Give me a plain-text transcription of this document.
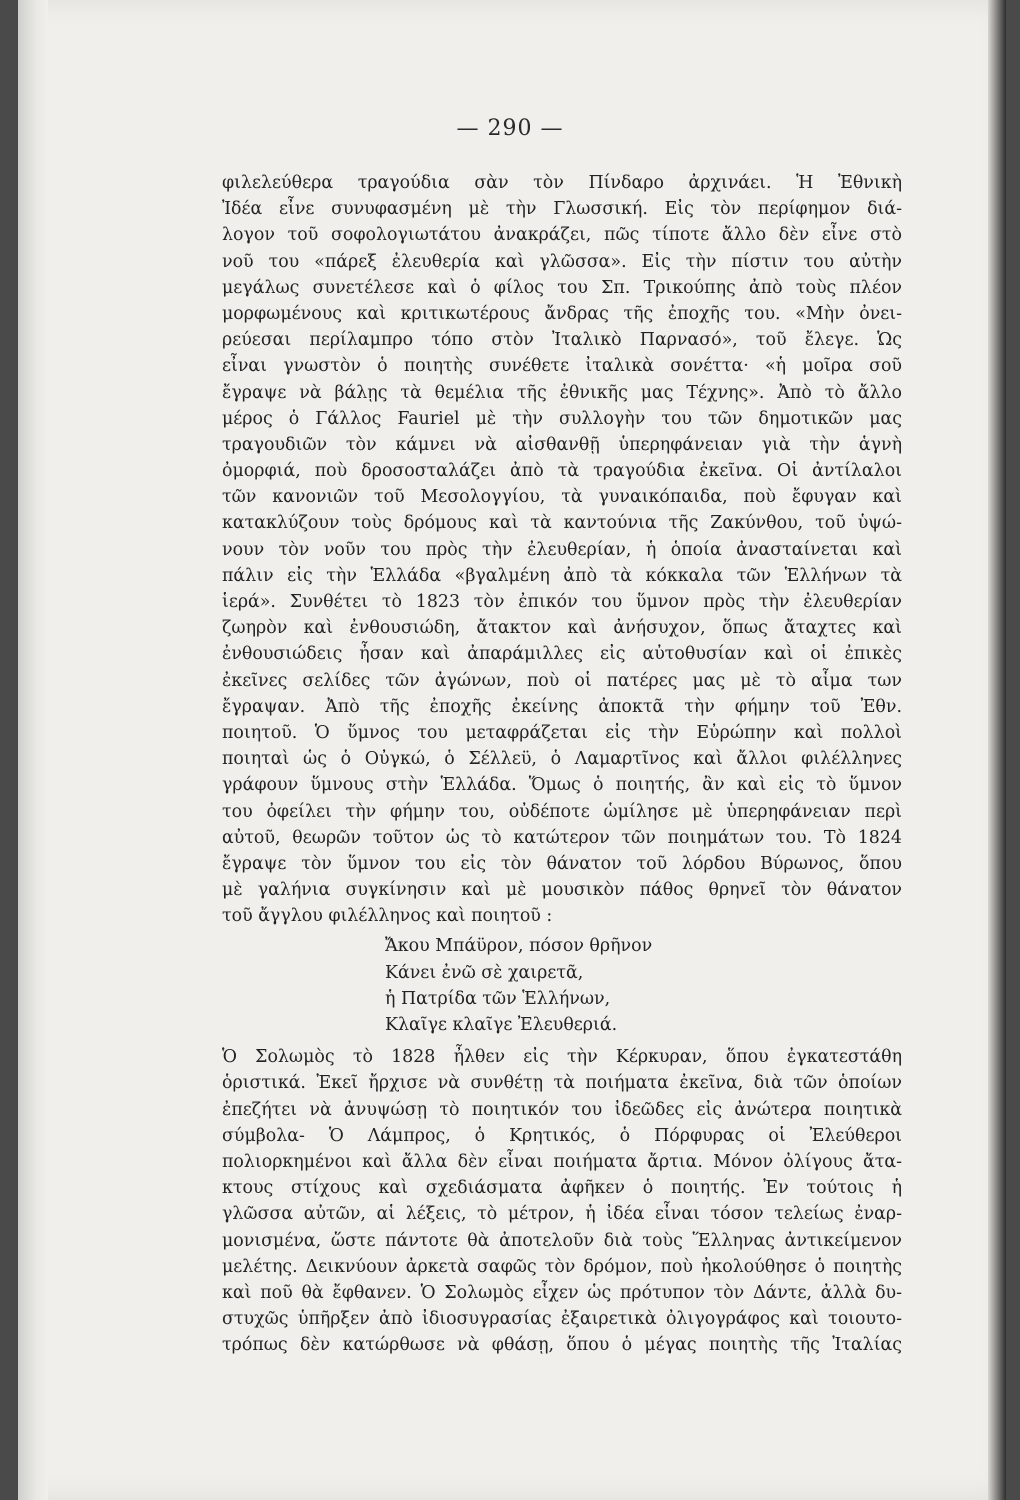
— 290 —
φιλελεύθερα τραγούδια σὰν τὸν Πίνδαρο ἀρχινάει. Ἡ Ἐθνικὴ
Ἰδέα εἶνε συνυφασμένη μὲ τὴν Γλωσσική. Εἰς τὸν περίφημον διά-
λογον τοῦ σοφολογιωτάτου ἀνακράζει, πῶς τίποτε ἄλλο δὲν εἶνε στὸ
νοῦ του «πάρεξ ἐλευθερία καὶ γλῶσσα». Εἰς τὴν πίστιν του αὐτὴν
μεγάλως συνετέλεσε καὶ ὁ φίλος του Σπ. Τρικούπης ἀπὸ τοὺς πλέον
μορφωμένους καὶ κριτικωτέρους ἄνδρας τῆς ἐποχῆς του. «Μὴν ὀνει-
ρεύεσαι περίλαμπρο τόπο στὸν Ἰταλικὸ Παρνασό», τοῦ ἔλεγε. Ὡς
εἶναι γνωστὸν ὁ ποιητὴς συνέθετε ἰταλικὰ σονέττα· «ἡ μοῖρα σοῦ
ἔγραψε νὰ βάλῃς τὰ θεμέλια τῆς ἐθνικῆς μας Τέχνης». Ἀπὸ τὸ ἄλλο
μέρος ὁ Γάλλος Fauriel μὲ τὴν συλλογὴν του τῶν δημοτικῶν μας
τραγουδιῶν τὸν κάμνει νὰ αἰσθανθῇ ὑπερηφάνειαν γιὰ τὴν ἁγνὴ
ὀμορφιά, ποὺ δροσοσταλάζει ἀπὸ τὰ τραγούδια ἐκεῖνα. Οἱ ἀντίλαλοι
τῶν κανονιῶν τοῦ Μεσολογγίου, τὰ γυναικόπαιδα, ποὺ ἔφυγαν καὶ
κατακλύζουν τοὺς δρόμους καὶ τὰ καντούνια τῆς Ζακύνθου, τοῦ ὑψώ-
νουν τὸν νοῦν του πρὸς τὴν ἐλευθερίαν, ἡ ὁποία ἀνασταίνεται καὶ
πάλιν εἰς τὴν Ἑλλάδα «βγαλμένη ἀπὸ τὰ κόκκαλα τῶν Ἑλλήνων τὰ
ἱερά». Συνθέτει τὸ 1823 τὸν ἐπικόν του ὕμνον πρὸς τὴν ἐλευθερίαν
ζωηρὸν καὶ ἐνθουσιώδη, ἄτακτον καὶ ἀνήσυχον, ὅπως ἄταχτες καὶ
ἐνθουσιώδεις ἦσαν καὶ ἀπαράμιλλες εἰς αὐτοθυσίαν καὶ οἱ ἐπικὲς
ἐκεῖνες σελίδες τῶν ἀγώνων, ποὺ οἱ πατέρες μας μὲ τὸ αἷμα των
ἔγραψαν. Ἀπὸ τῆς ἐποχῆς ἐκείνης ἀποκτᾶ τὴν φήμην τοῦ Ἐθν.
ποιητοῦ. Ὁ ὕμνος του μεταφράζεται εἰς τὴν Εὐρώπην καὶ πολλοὶ
ποιηταὶ ὡς ὁ Οὐγκώ, ὁ Σέλλεϋ, ὁ Λαμαρτῖνος καὶ ἄλλοι φιλέλληνες
γράφουν ὕμνους στὴν Ἑλλάδα. Ὅμως ὁ ποιητής, ἂν καὶ εἰς τὸ ὕμνον
του ὀφείλει τὴν φήμην του, οὐδέποτε ὡμίλησε μὲ ὑπερηφάνειαν περὶ
αὐτοῦ, θεωρῶν τοῦτον ὡς τὸ κατώτερον τῶν ποιημάτων του. Τὸ 1824
ἔγραψε τὸν ὕμνον του εἰς τὸν θάνατον τοῦ λόρδου Βύρωνος, ὅπου
μὲ γαλήνια συγκίνησιν καὶ μὲ μουσικὸν πάθος θρηνεῖ τὸν θάνατον
τοῦ ἄγγλου φιλέλληνος καὶ ποιητοῦ :
Ἄκου Μπάϋρον, πόσον θρῆνον
Κάνει ἐνῶ σὲ χαιρετᾶ,
ἡ Πατρίδα τῶν Ἑλλήνων,
Κλαῖγε κλαῖγε Ἐλευθεριά.
Ὁ Σολωμὸς τὸ 1828 ἦλθεν εἰς τὴν Κέρκυραν, ὅπου ἐγκατεστάθη
ὁριστικά. Ἐκεῖ ἤρχισε νὰ συνθέτῃ τὰ ποιήματα ἐκεῖνα, διὰ τῶν ὁποίων
ἐπεζήτει νὰ ἀνυψώσῃ τὸ ποιητικόν του ἰδεῶδες εἰς ἀνώτερα ποιητικὰ
σύμβολα- Ὁ Λάμπρος, ὁ Κρητικός, ὁ Πόρφυρας οἱ Ἐλεύθεροι
πολιορκημένοι καὶ ἄλλα δὲν εἶναι ποιήματα ἄρτια. Μόνον ὀλίγους ἄτα-
κτους στίχους καὶ σχεδιάσματα ἀφῆκεν ὁ ποιητής. Ἐν τούτοις ἡ
γλῶσσα αὐτῶν, αἱ λέξεις, τὸ μέτρον, ἡ ἰδέα εἶναι τόσον τελείως ἐναρ-
μονισμένα, ὥστε πάντοτε θὰ ἀποτελοῦν διὰ τοὺς Ἕλληνας ἀντικείμενον
μελέτης. Δεικνύουν ἀρκετὰ σαφῶς τὸν δρόμον, ποὺ ἠκολούθησε ὁ ποιητὴς
καὶ ποῦ θὰ ἔφθανεν. Ὁ Σολωμὸς εἶχεν ὡς πρότυπον τὸν Δάντε, ἀλλὰ δυ-
στυχῶς ὑπῆρξεν ἀπὸ ἰδιοσυγρασίας ἐξαιρετικὰ ὀλιγογράφος καὶ τοιουτο-
τρόπως δὲν κατώρθωσε νὰ φθάσῃ, ὅπου ὁ μέγας ποιητὴς τῆς Ἰταλίας
